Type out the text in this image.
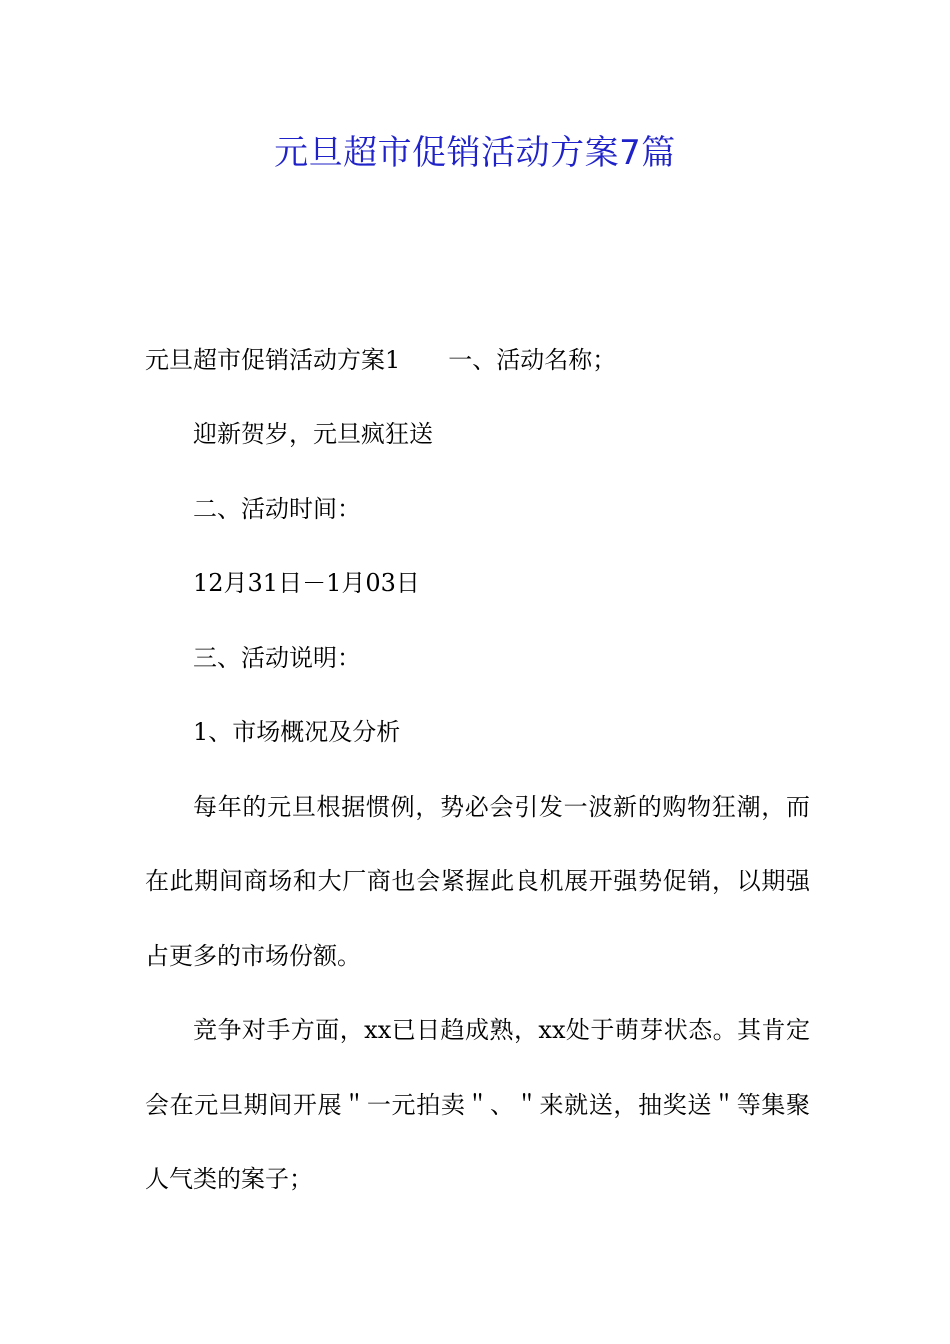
元旦超市促销活动方案7篇

元旦超市促销活动方案1 一、活动名称；

迎新贺岁，元旦疯狂送

二、活动时间：

12月31日－1月03日

三、活动说明：

1、市场概况及分析

每年的元旦根据惯例，势必会引发一波新的购物狂潮，而

在此期间商场和大厂商也会紧握此良机展开强势促销，以期强

占更多的市场份额。

竞争对手方面，xx已日趋成熟，xx处于萌芽状态。其肯定

会在元旦期间开展＂一元拍卖＂、＂来就送，抽奖送＂等集聚

人气类的案子；
